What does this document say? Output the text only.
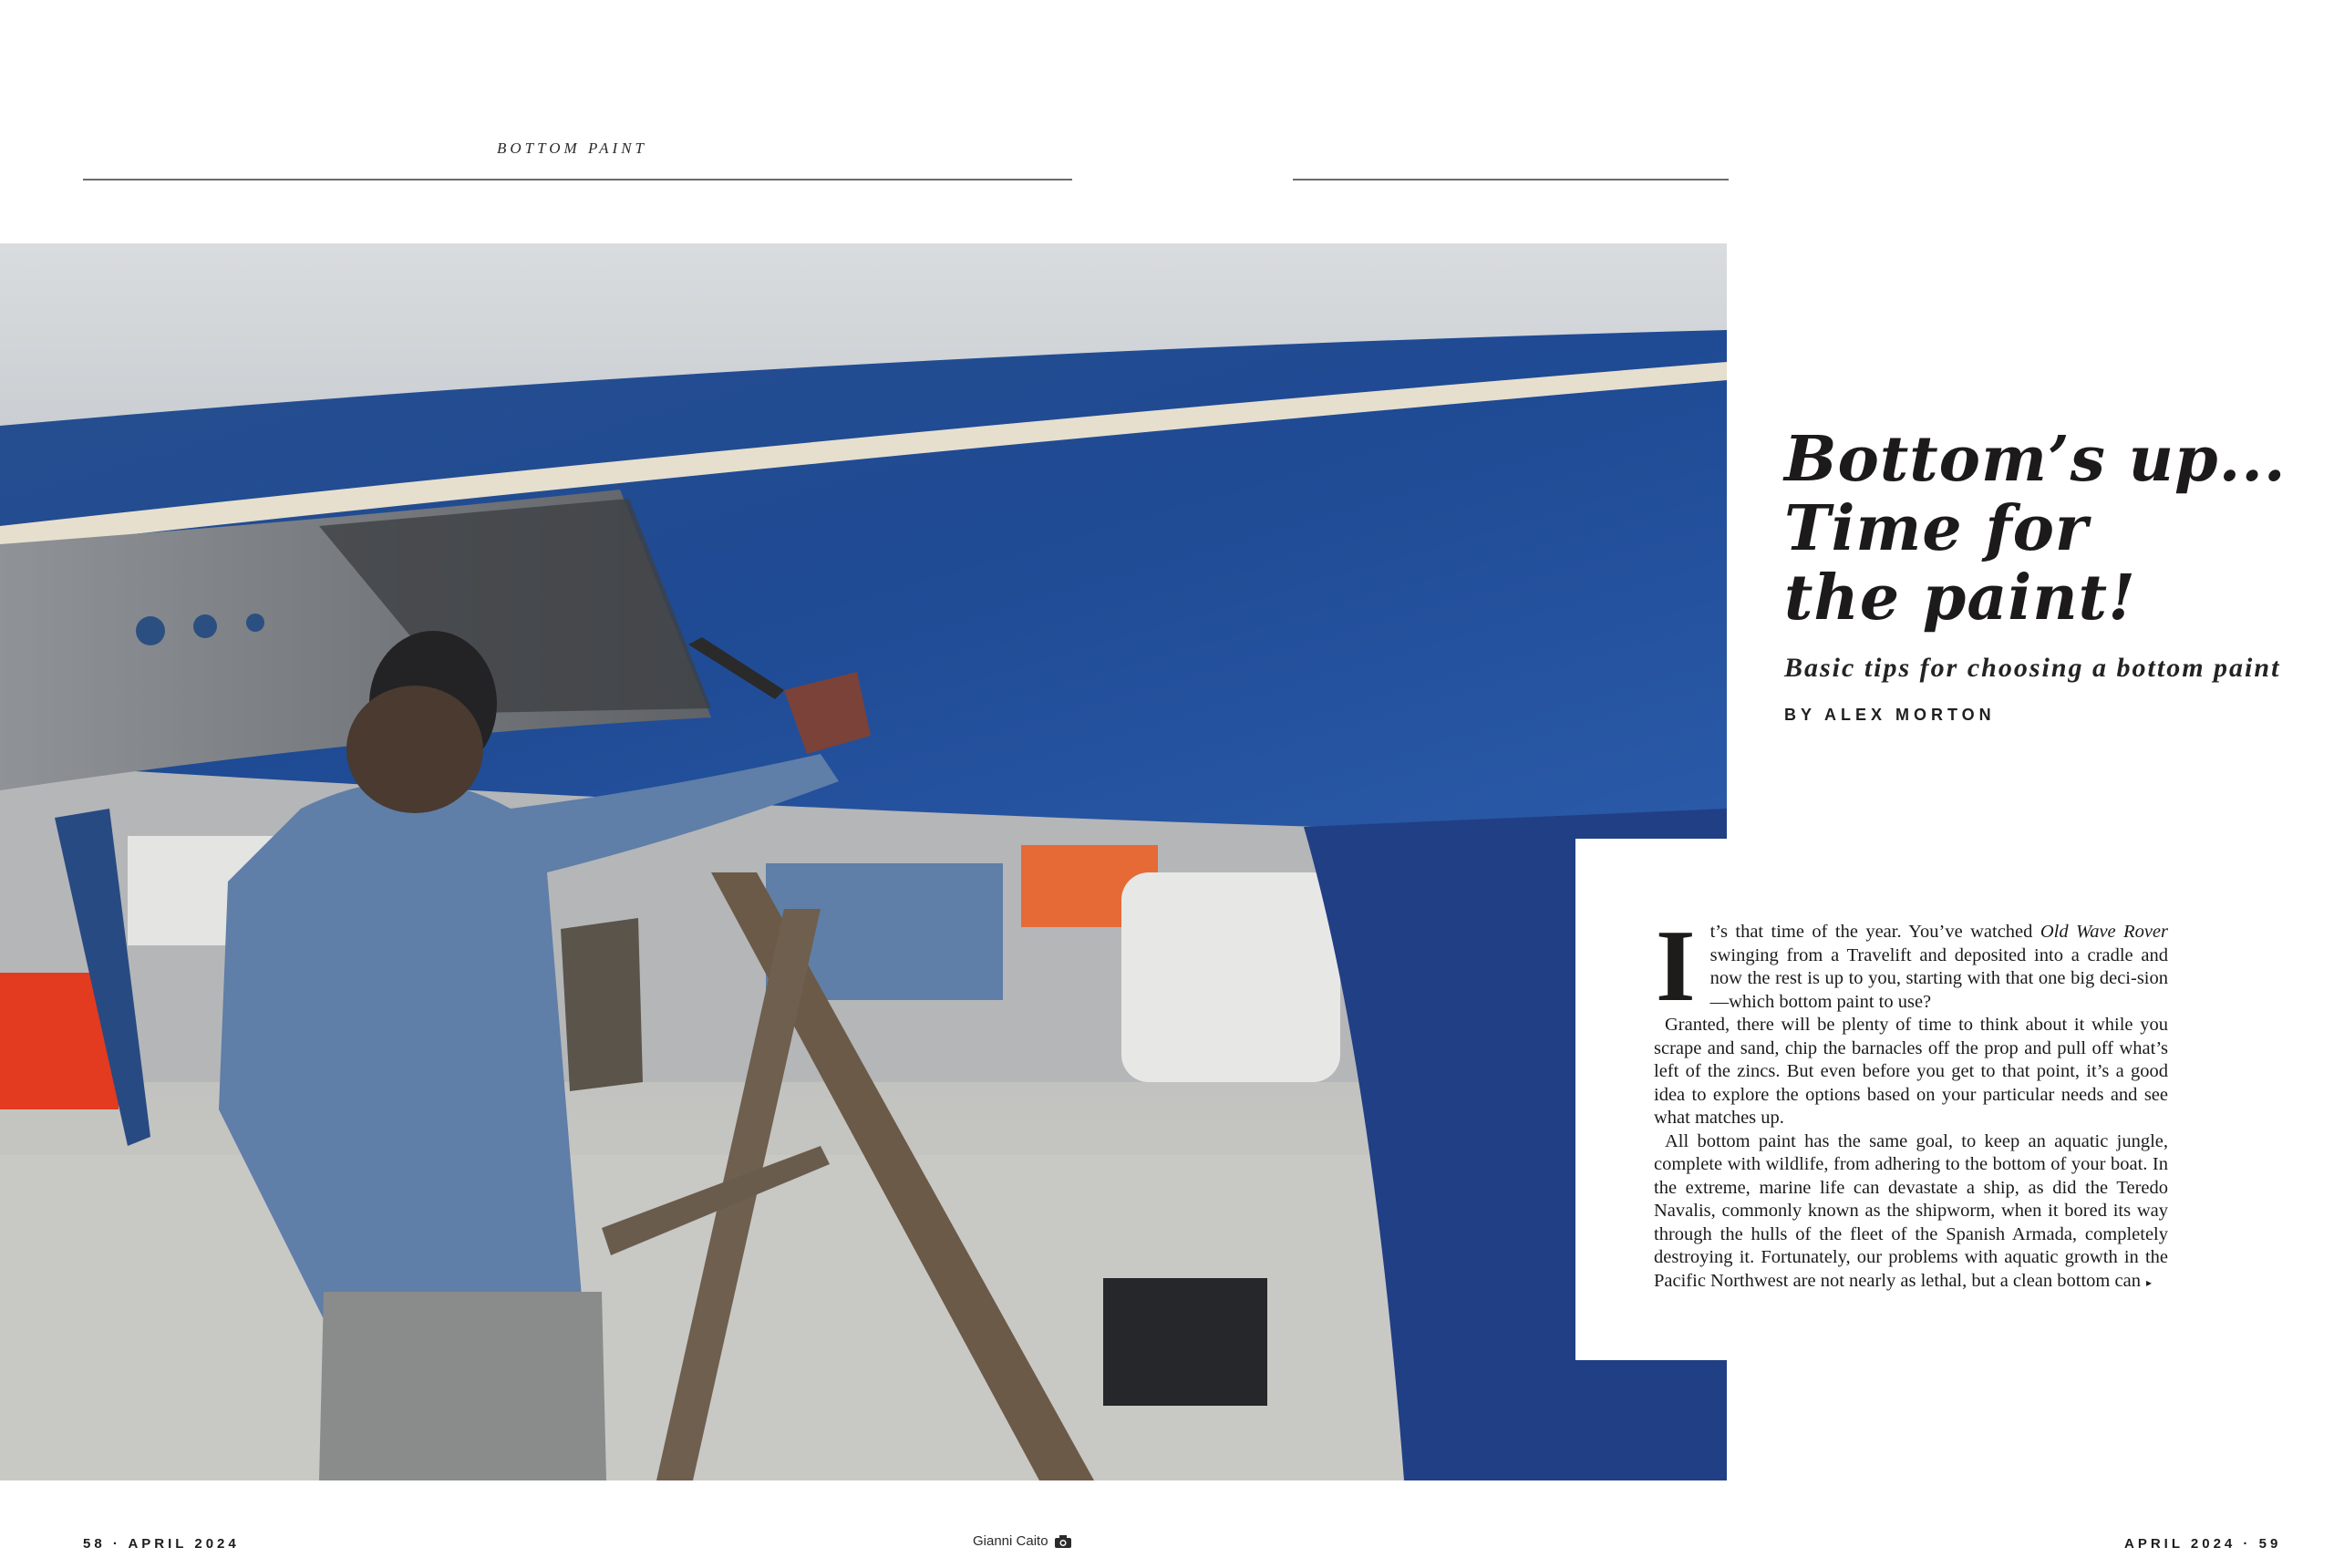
BOTTOM PAINT
Bottom’s up...
Time for
the paint!
Basic tips for choosing a bottom paint
BY ALEX MORTON

It’s that time of the year. You’ve watched Old Wave Rover swinging from a Travelift and deposited into a cradle and now the rest is up to you, starting with that one big deci-sion—which bottom paint to use?

Granted, there will be plenty of time to think about it while you scrape and sand, chip the barnacles off the prop and pull off what’s left of the zincs. But even before you get to that point, it’s a good idea to explore the options based on your particular needs and see what matches up.

All bottom paint has the same goal, to keep an aquatic jungle, complete with wildlife, from adhering to the bottom of your boat. In the extreme, marine life can devastate a ship, as did the Teredo Navalis, commonly known as the shipworm, when it bored its way through the hulls of the fleet of the Spanish Armada, completely destroying it. Fortunately, our problems with aquatic growth in the Pacific Northwest are not nearly as lethal, but a clean bottom can ▸

58 · APRIL 2024	Gianni Caito	APRIL 2024 · 59
